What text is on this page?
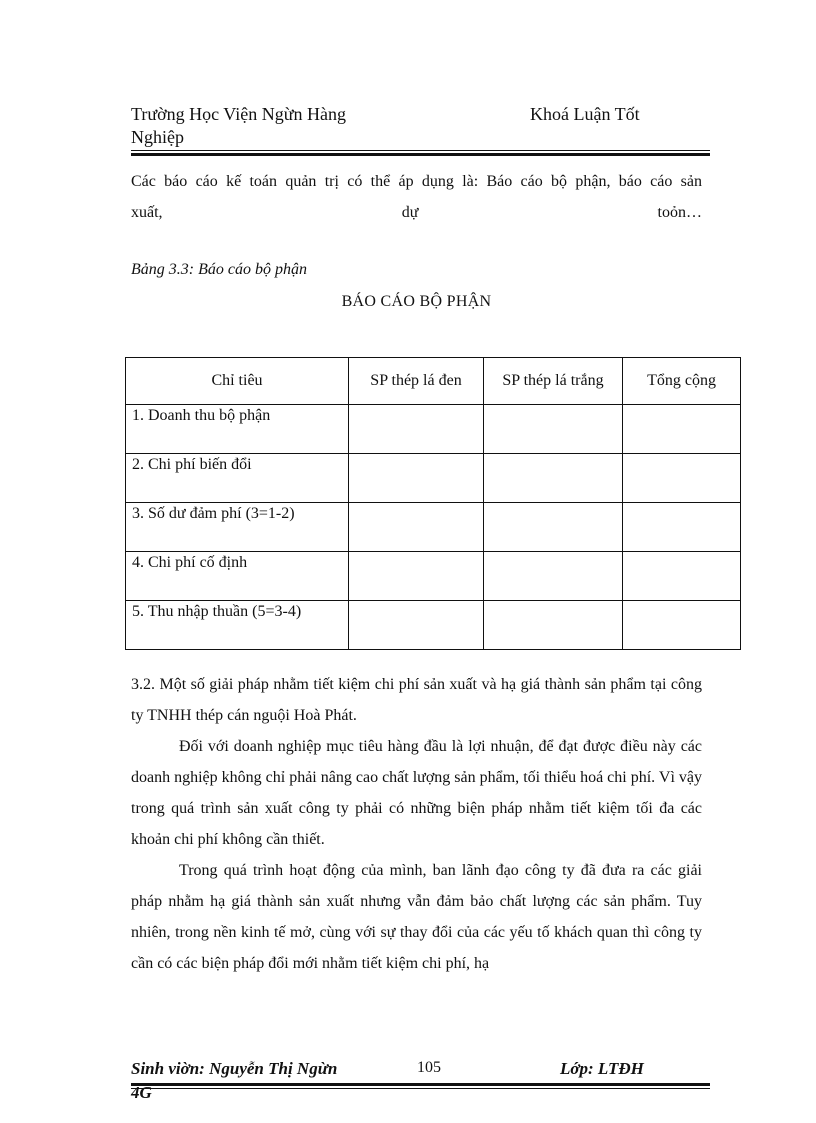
Trường Học Viện Ngừn Hàng	Khoá Luận Tốt
Nghiệp
Các báo cáo kế toán quản trị có thể áp dụng là: Báo cáo bộ phận, báo cáo sản
xuất,	dự	toỏn…
Bảng 3.3: Báo cáo bộ phận
BÁO CÁO BỘ PHẬN
Chỉ tiêu	SP thép lá đen	SP thép lá trắng	Tổng cộng
1. Doanh thu bộ phận			
2. Chi phí biến đổi			
3. Số dư đảm phí (3=1-2)			
4. Chi phí cố định			
5. Thu nhập thuần (5=3-4)			

3.2. Một số giải pháp nhằm tiết kiệm chi phí sản xuất và hạ giá thành sản phẩm tại công ty TNHH thép cán nguội Hoà Phát.

Đối với doanh nghiệp mục tiêu hàng đầu là lợi nhuận, để đạt được điều này các doanh nghiệp không chỉ phải nâng cao chất lượng sản phẩm, tối thiểu hoá chi phí. Vì vậy trong quá trình sản xuất công ty phải có những biện pháp nhằm tiết kiệm tối đa các khoản chi phí không cần thiết.

Trong quá trình hoạt động của mình, ban lãnh đạo công ty đã đưa ra các giải pháp nhằm hạ giá thành sản xuất nhưng vẫn đảm bảo chất lượng các sản phẩm. Tuy nhiên, trong nền kinh tế mở, cùng với sự thay đổi của các yếu tố khách quan thì công ty cần có các biện pháp đổi mới nhằm tiết kiệm chi phí, hạ

Sinh viờn: Nguyễn Thị Ngừn	105	Lớp: LTĐH
4G
